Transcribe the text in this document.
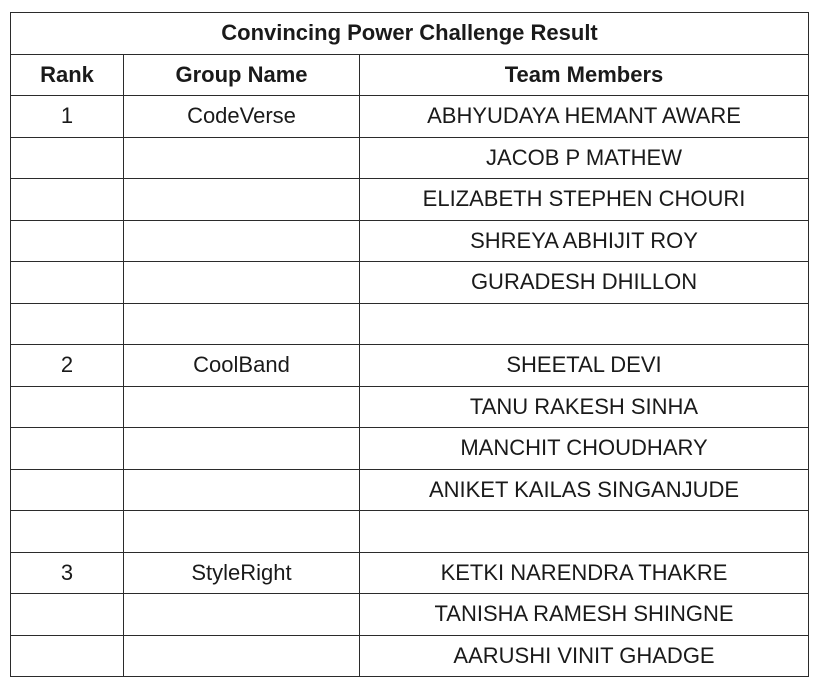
Convincing Power Challenge Result		
Rank	Group Name	Team Members
1	CodeVerse	ABHYUDAYA HEMANT AWARE
		JACOB P MATHEW
		ELIZABETH STEPHEN CHOURI
		SHREYA ABHIJIT ROY
		GURADESH DHILLON

2	CoolBand	SHEETAL DEVI
		TANU RAKESH SINHA
		MANCHIT CHOUDHARY
		ANIKET KAILAS SINGANJUDE

3	StyleRight	KETKI NARENDRA THAKRE
		TANISHA RAMESH SHINGNE
		AARUSHI VINIT GHADGE
